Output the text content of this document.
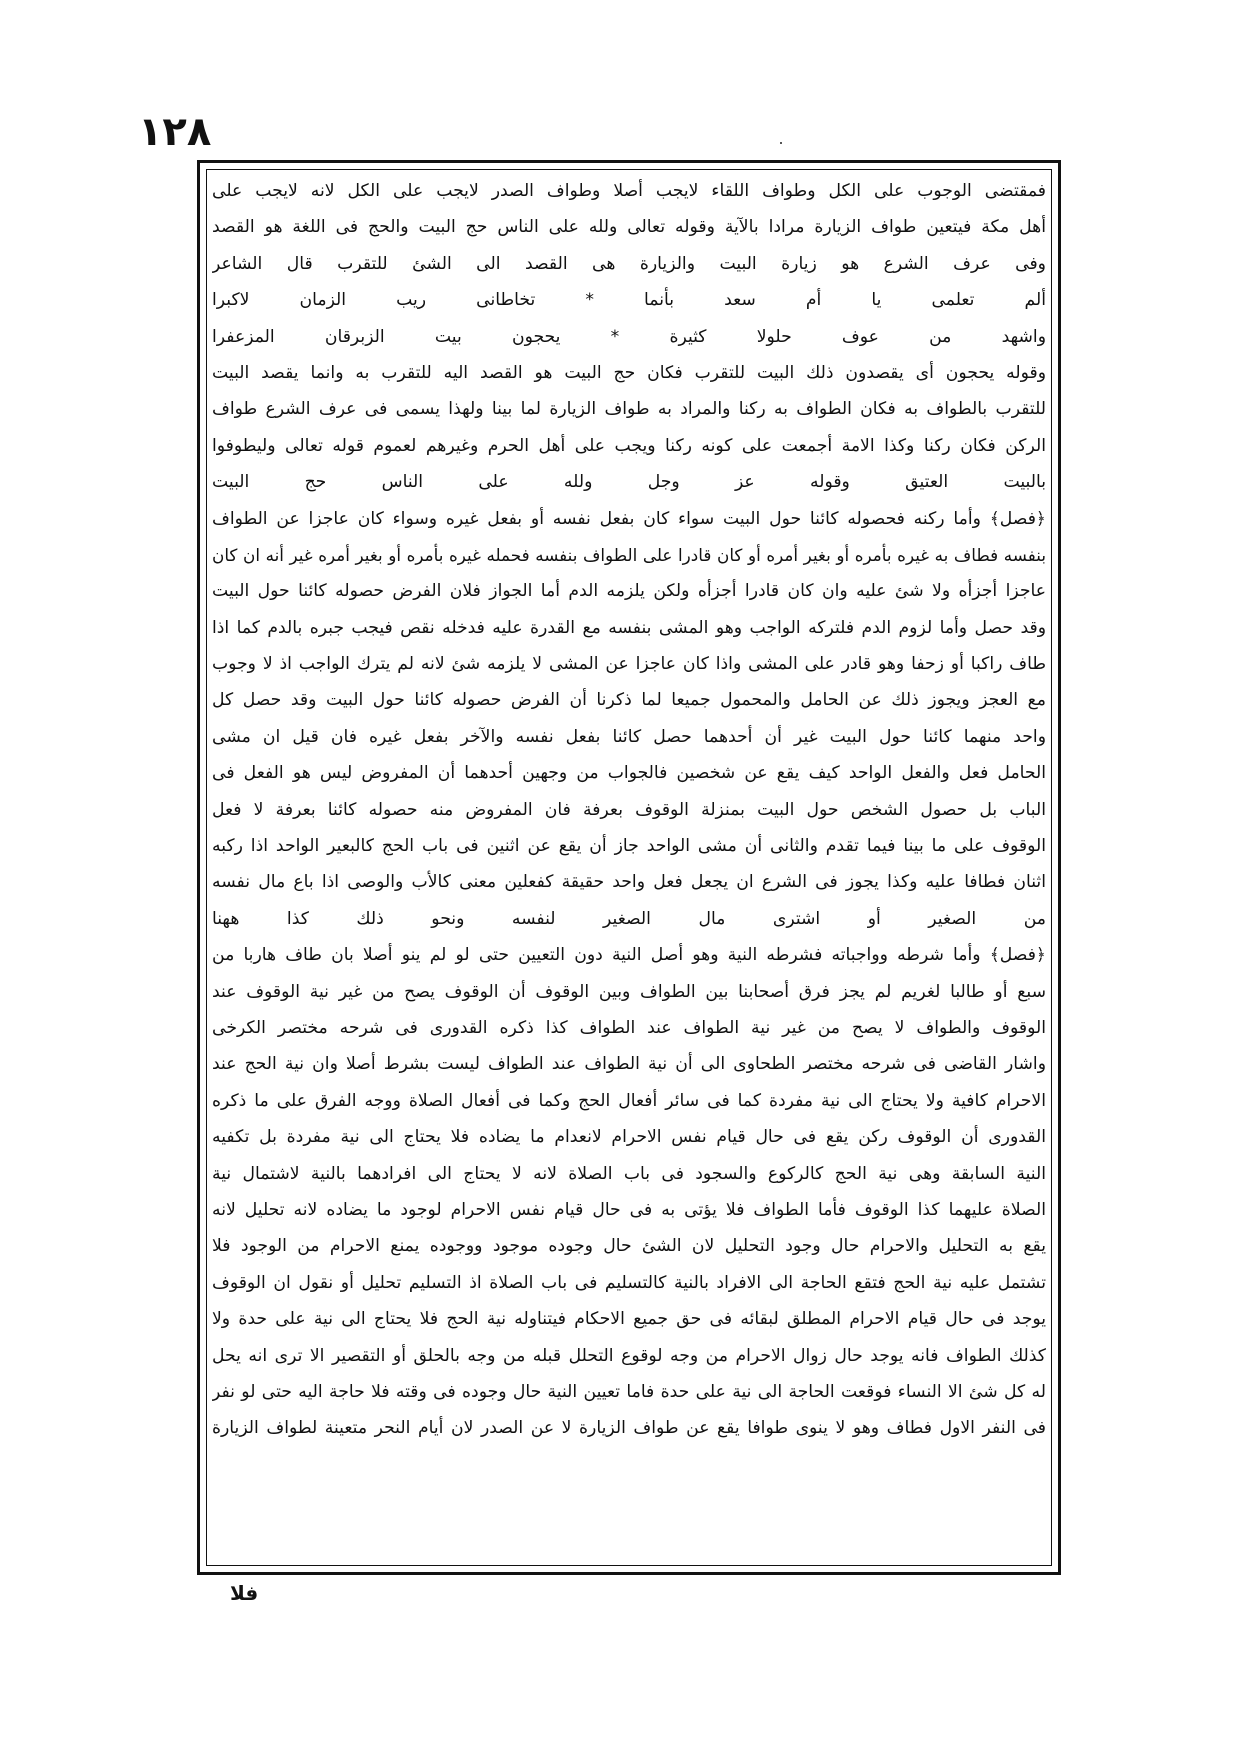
١٢٨
فمقتضى الوجوب على الكل وطواف اللقاء لايجب أصلا وطواف الصدر لايجب على الكل لانه لايجب على
أهل مكة فيتعين طواف الزيارة مرادا بالآية وقوله تعالى ولله على الناس حج البيت والحج فى اللغة هو القصد
وفى عرف الشرع هو زيارة البيت والزيارة هى القصد الى الشئ للتقرب قال الشاعر
ألم تعلمى يا أم سعد بأنما * تخاطانى ريب الزمان لاكبرا
واشهد من عوف حلولا كثيرة * يحجون بيت الزبرقان المزعفرا
وقوله يحجون أى يقصدون ذلك البيت للتقرب فكان حج البيت هو القصد اليه للتقرب به وانما يقصد البيت
للتقرب بالطواف به فكان الطواف به ركنا والمراد به طواف الزيارة لما بينا ولهذا يسمى فى عرف الشرع طواف
الركن فكان ركنا وكذا الامة أجمعت على كونه ركنا ويجب على أهل الحرم وغيرهم لعموم قوله تعالى وليطوفوا
بالبيت العتيق وقوله عز وجل ولله على الناس حج البيت
﴿فصل﴾ وأما ركنه فحصوله كائنا حول البيت سواء كان بفعل نفسه أو بفعل غيره وسواء كان عاجزا عن الطواف
بنفسه فطاف به غيره بأمره أو بغير أمره أو كان قادرا على الطواف بنفسه فحمله غيره بأمره أو بغير أمره غير أنه ان كان
عاجزا أجزأه ولا شئ عليه وان كان قادرا أجزأه ولكن يلزمه الدم أما الجواز فلان الفرض حصوله كائنا حول البيت
وقد حصل وأما لزوم الدم فلتركه الواجب وهو المشى بنفسه مع القدرة عليه فدخله نقص فيجب جبره بالدم كما اذا
طاف راكبا أو زحفا وهو قادر على المشى واذا كان عاجزا عن المشى لا يلزمه شئ لانه لم يترك الواجب اذ لا وجوب
مع العجز ويجوز ذلك عن الحامل والمحمول جميعا لما ذكرنا أن الفرض حصوله كائنا حول البيت وقد حصل كل
واحد منهما كائنا حول البيت غير أن أحدهما حصل كائنا بفعل نفسه والآخر بفعل غيره فان قيل ان مشى
الحامل فعل والفعل الواحد كيف يقع عن شخصين فالجواب من وجهين أحدهما أن المفروض ليس هو الفعل فى
الباب بل حصول الشخص حول البيت بمنزلة الوقوف بعرفة فان المفروض منه حصوله كائنا بعرفة لا فعل
الوقوف على ما بينا فيما تقدم والثانى أن مشى الواحد جاز أن يقع عن اثنين فى باب الحج كالبعير الواحد اذا ركبه
اثنان فطافا عليه وكذا يجوز فى الشرع ان يجعل فعل واحد حقيقة كفعلين معنى كالأب والوصى اذا باع مال نفسه
من الصغير أو اشترى مال الصغير لنفسه ونحو ذلك كذا ههنا
﴿فصل﴾ وأما شرطه وواجباته فشرطه النية وهو أصل النية دون التعيين حتى لو لم ينو أصلا بان طاف هاربا من
سبع أو طالبا لغريم لم يجز فرق أصحابنا بين الطواف وبين الوقوف أن الوقوف يصح من غير نية الوقوف عند
الوقوف والطواف لا يصح من غير نية الطواف عند الطواف كذا ذكره القدورى فى شرحه مختصر الكرخى
واشار القاضى فى شرحه مختصر الطحاوى الى أن نية الطواف عند الطواف ليست بشرط أصلا وان نية الحج عند
الاحرام كافية ولا يحتاج الى نية مفردة كما فى سائر أفعال الحج وكما فى أفعال الصلاة ووجه الفرق على ما ذكره
القدورى أن الوقوف ركن يقع فى حال قيام نفس الاحرام لانعدام ما يضاده فلا يحتاج الى نية مفردة بل تكفيه
النية السابقة وهى نية الحج كالركوع والسجود فى باب الصلاة لانه لا يحتاج الى افرادهما بالنية لاشتمال نية
الصلاة عليهما كذا الوقوف فأما الطواف فلا يؤتى به فى حال قيام نفس الاحرام لوجود ما يضاده لانه تحليل لانه
يقع به التحليل والاحرام حال وجود التحليل لان الشئ حال وجوده موجود ووجوده يمنع الاحرام من الوجود فلا
تشتمل عليه نية الحج فتقع الحاجة الى الافراد بالنية كالتسليم فى باب الصلاة اذ التسليم تحليل أو نقول ان الوقوف
يوجد فى حال قيام الاحرام المطلق لبقائه فى حق جميع الاحكام فيتناوله نية الحج فلا يحتاج الى نية على حدة ولا
كذلك الطواف فانه يوجد حال زوال الاحرام من وجه لوقوع التحلل قبله من وجه بالحلق أو التقصير الا ترى انه يحل
له كل شئ الا النساء فوقعت الحاجة الى نية على حدة فاما تعيين النية حال وجوده فى وقته فلا حاجة اليه حتى لو نفر
فى النفر الاول فطاف وهو لا ينوى طوافا يقع عن طواف الزيارة لا عن الصدر لان أيام النحر متعينة لطواف الزيارة
فلا
